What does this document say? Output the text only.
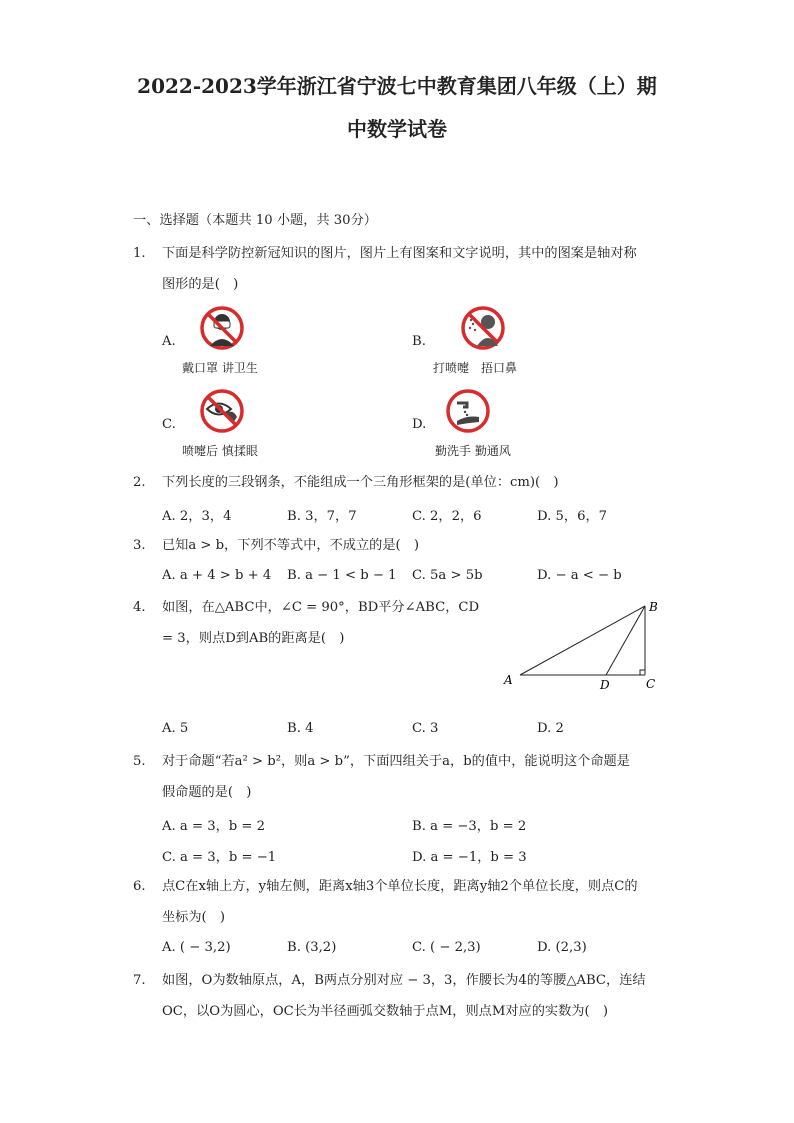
2022-2023学年浙江省宁波七中教育集团八年级（上）期
中数学试卷
一、选择题（本题共 10 小题，共 30分）
1. 下面是科学防控新冠知识的图片，图片上有图案和文字说明，其中的图案是轴对称
图形的是(　)
A.
戴口罩 讲卫生
B.
打喷嚏　捂口鼻
C.
喷嚏后 慎揉眼
D.
勤洗手 勤通风
2. 下列长度的三段钢条，不能组成一个三角形框架的是(单位：cm)(　)
A. 2，3，4	B. 3，7，7	C. 2，2，6	D. 5，6，7
3. 已知a > b，下列不等式中，不成立的是(　)
A. a + 4 > b + 4 B. a − 1 < b − 1 C. 5a > 5b	D. − a < − b
4. 如图，在△ABC中，∠C = 90°，BD平分∠ABC，CD
= 3，则点D到AB的距离是(　)
A
B
C
D
A. 5	B. 4	C. 3	D. 2
5. 对于命题“若a² > b²，则a > b”，下面四组关于a，b的值中，能说明这个命题是
假命题的是(　)
A. a = 3，b = 2	B. a = −3，b = 2
C. a = 3，b = −1	D. a = −1，b = 3
6. 点C在x轴上方，y轴左侧，距离x轴3个单位长度，距离y轴2个单位长度，则点C的
坐标为(　)
A. ( − 3,2)	B. (3,2)	C. ( − 2,3)	D. (2,3)
7. 如图，O为数轴原点，A，B两点分别对应 − 3，3，作腰长为4的等腰△ABC，连结
OC，以O为圆心，OC长为半径画弧交数轴于点M，则点M对应的实数为(　)
